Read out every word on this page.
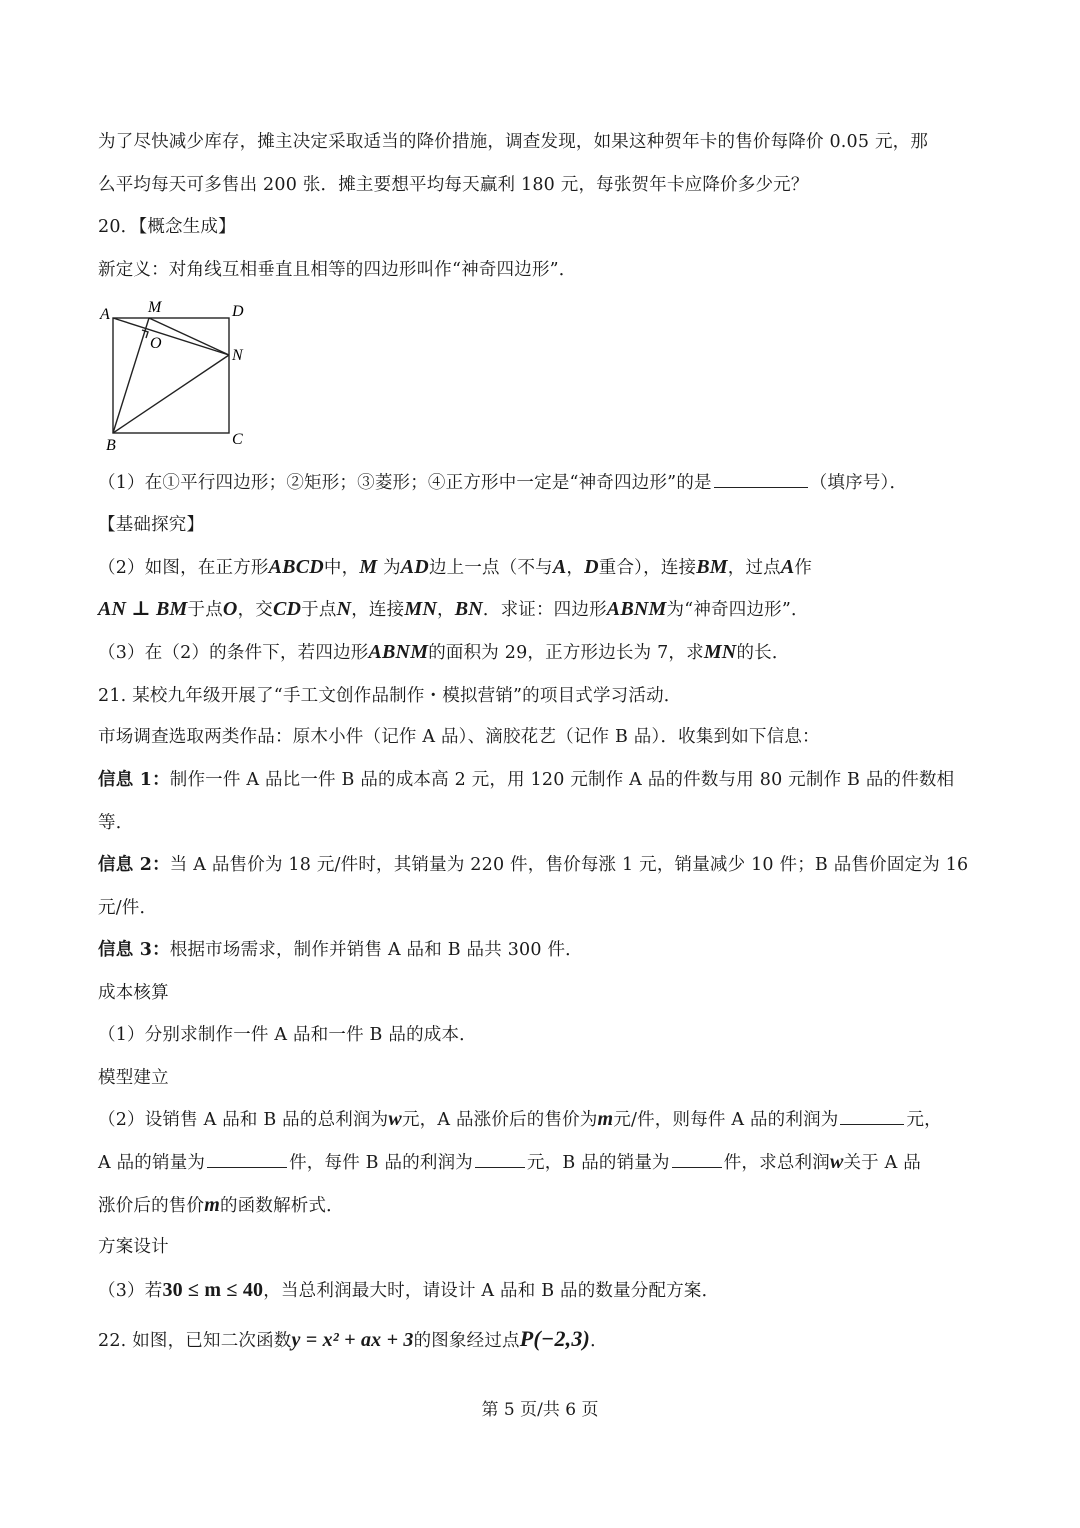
为了尽快减少库存，摊主决定采取适当的降价措施，调查发现，如果这种贺年卡的售价每降价 0.05 元，那
么平均每天可多售出 200 张．摊主要想平均每天赢利 180 元，每张贺年卡应降价多少元？
20．【概念生成】
新定义：对角线互相垂直且相等的四边形叫作“神奇四边形”．
A M	D
O
N
B	C
（1）在①平行四边形；②矩形；③菱形；④正方形中一定是“神奇四边形”的是	（填序号）．
【基础探究】
（2）如图，在正方形ABCD中，M 为AD边上一点（不与A，D重合），连接BM，过点A作
AN ⊥ BM于点O，交CD于点N，连接MN，BN．求证：四边形ABNM为“神奇四边形”．
（3）在（2）的条件下，若四边形ABNM的面积为 29，正方形边长为 7，求MN的长．
21. 某校九年级开展了“手工文创作品制作・模拟营销”的项目式学习活动．
市场调查选取两类作品：原木小件（记作 A 品）、滴胶花艺（记作 B 品）．收集到如下信息：
信息 1：制作一件 A 品比一件 B 品的成本高 2 元，用 120 元制作 A 品的件数与用 80 元制作 B 品的件数相
等．
信息 2：当 A 品售价为 18 元/件时，其销量为 220 件，售价每涨 1 元，销量减少 10 件；B 品售价固定为 16
元/件．
信息 3：根据市场需求，制作并销售 A 品和 B 品共 300 件．
成本核算
（1）分别求制作一件 A 品和一件 B 品的成本．
模型建立
（2）设销售 A 品和 B 品的总利润为w元，A 品涨价后的售价为m元/件，则每件 A 品的利润为	元，
A 品的销量为	件，每件 B 品的利润为	元，B 品的销量为	件，求总利润w关于 A 品
涨价后的售价m的函数解析式．
方案设计
（3）若30 ≤ m ≤ 40，当总利润最大时，请设计 A 品和 B 品的数量分配方案．
22. 如图，已知二次函数y = x² + ax + 3的图象经过点P(−2,3)．
第 5 页/共 6 页
